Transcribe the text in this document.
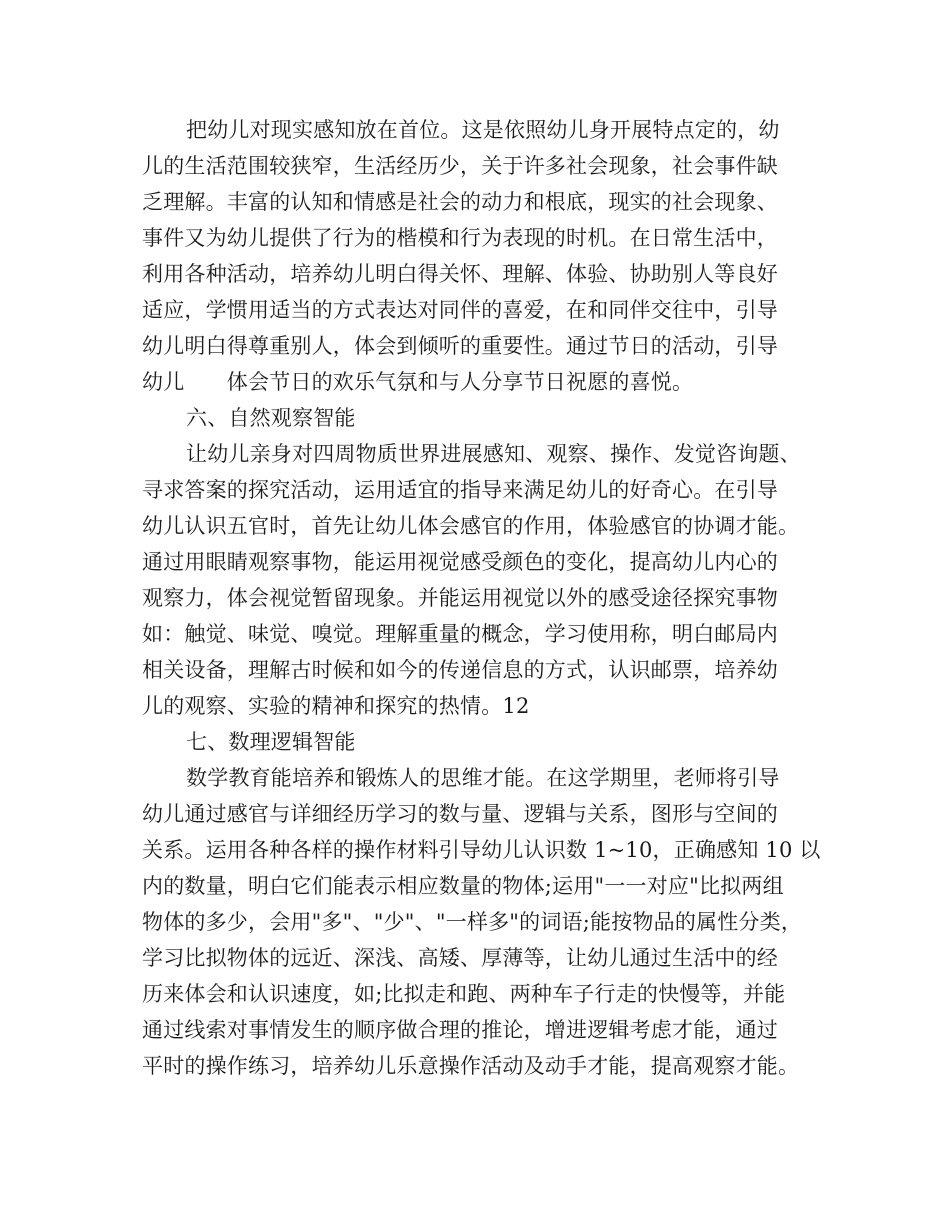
把幼儿对现实感知放在首位。这是依照幼儿身开展特点定的，幼
儿的生活范围较狭窄，生活经历少，关于许多社会现象，社会事件缺
乏理解。丰富的认知和情感是社会的动力和根底，现实的社会现象、
事件又为幼儿提供了行为的楷模和行为表现的时机。在日常生活中，
利用各种活动，培养幼儿明白得关怀、理解、体验、协助别人等良好
适应，学惯用适当的方式表达对同伴的喜爱，在和同伴交往中，引导
幼儿明白得尊重别人，体会到倾听的重要性。通过节日的活动，引导
幼儿　　体会节日的欢乐气氛和与人分享节日祝愿的喜悦。
六、自然观察智能
让幼儿亲身对四周物质世界进展感知、观察、操作、发觉咨询题、
寻求答案的探究活动，运用适宜的指导来满足幼儿的好奇心。在引导
幼儿认识五官时，首先让幼儿体会感官的作用，体验感官的协调才能。
通过用眼睛观察事物，能运用视觉感受颜色的变化，提高幼儿内心的
观察力，体会视觉暂留现象。并能运用视觉以外的感受途径探究事物
如：触觉、味觉、嗅觉。理解重量的概念，学习使用称，明白邮局内
相关设备，理解古时候和如今的传递信息的方式，认识邮票，培养幼
儿的观察、实验的精神和探究的热情。12
七、数理逻辑智能
数学教育能培养和锻炼人的思维才能。在这学期里，老师将引导
幼儿通过感官与详细经历学习的数与量、逻辑与关系，图形与空间的
关系。运用各种各样的操作材料引导幼儿认识数 1~10，正确感知 10 以
内的数量，明白它们能表示相应数量的物体;运用"一一对应"比拟两组
物体的多少，会用"多"、"少"、"一样多"的词语;能按物品的属性分类，
学习比拟物体的远近、深浅、高矮、厚薄等，让幼儿通过生活中的经
历来体会和认识速度，如;比拟走和跑、两种车子行走的快慢等，并能
通过线索对事情发生的顺序做合理的推论，增进逻辑考虑才能，通过
平时的操作练习，培养幼儿乐意操作活动及动手才能，提高观察才能。
